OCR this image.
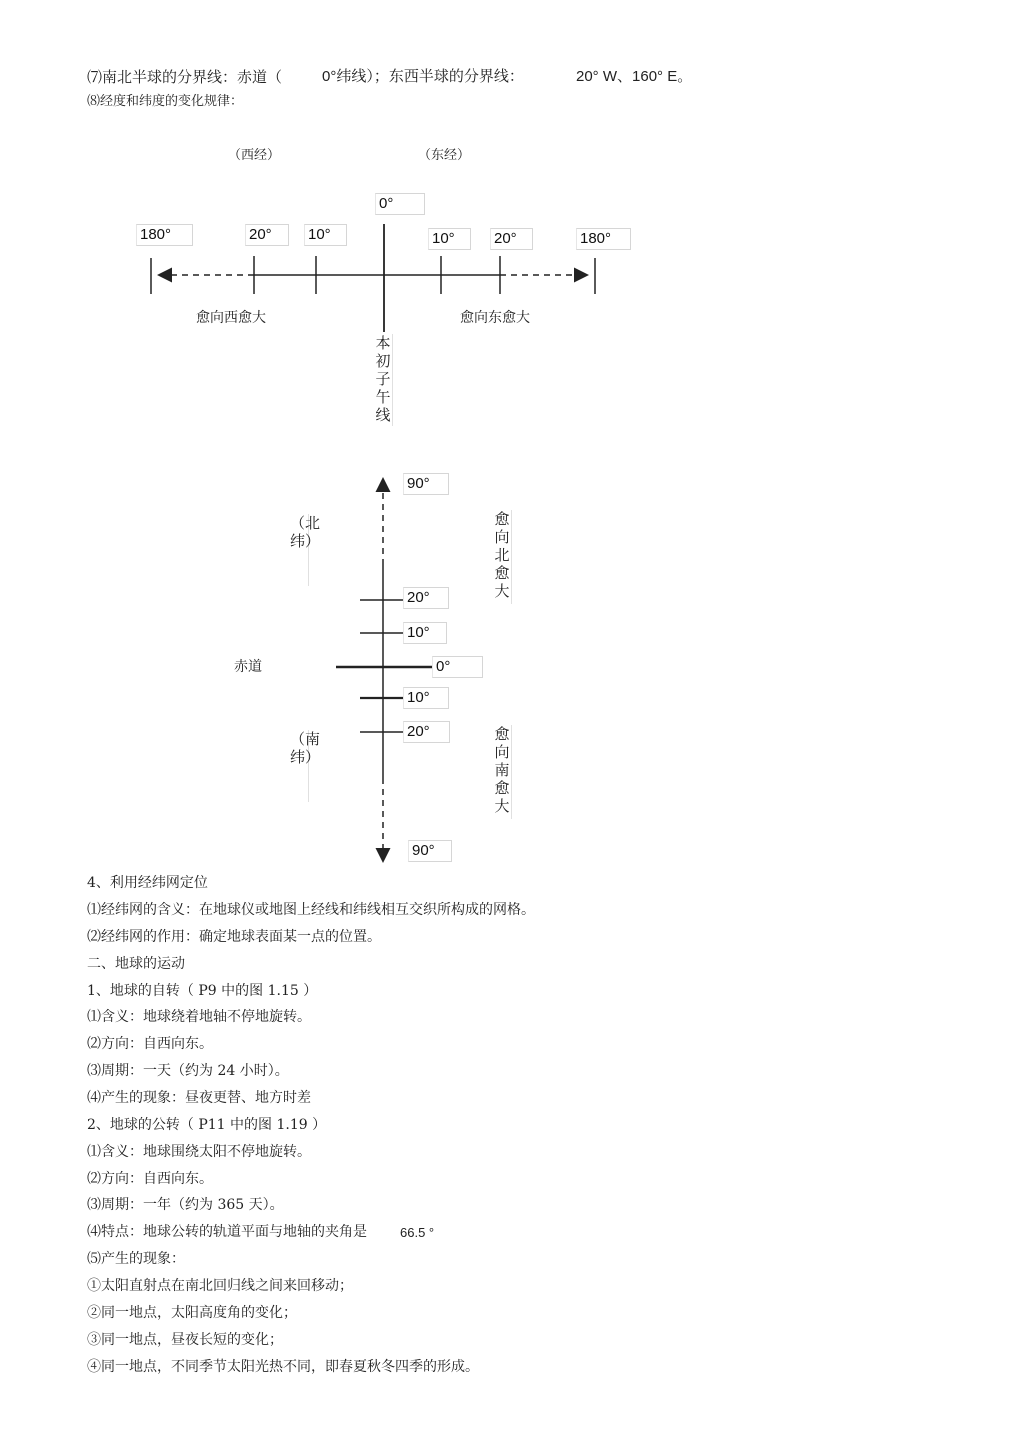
⑺南北半球的分界线：赤道（	0°纬线）；东西半球的分界线：	20° W、160° E。
⑻经度和纬度的变化规律：
（西经）	（东经）
0°
180°	20°	10°	10°	20°	180°
愈向西愈大	愈向东愈大
本初子午线
90°
20°
10°
0°
10°
20°
90°
（北纬）
（南纬）
愈向北愈大
愈向南愈大
赤道
4、利用经纬网定位
⑴经纬网的含义：在地球仪或地图上经线和纬线相互交织所构成的网格。
⑵经纬网的作用：确定地球表面某一点的位置。
二、地球的运动
1、地球的自转（ P9 中的图 1.15 ）
⑴含义：地球绕着地轴不停地旋转。
⑵方向：自西向东。
⑶周期：一天（约为 24 小时）。
⑷产生的现象：昼夜更替、地方时差
2、地球的公转（ P11 中的图 1.19 ）
⑴含义：地球围绕太阳不停地旋转。
⑵方向：自西向东。
⑶周期：一年（约为 365 天）。
⑷特点：地球公转的轨道平面与地轴的夹角是	66.5 °
⑸产生的现象：
①太阳直射点在南北回归线之间来回移动；
②同一地点，太阳高度角的变化；
③同一地点，昼夜长短的变化；
④同一地点，不同季节太阳光热不同，即春夏秋冬四季的形成。
